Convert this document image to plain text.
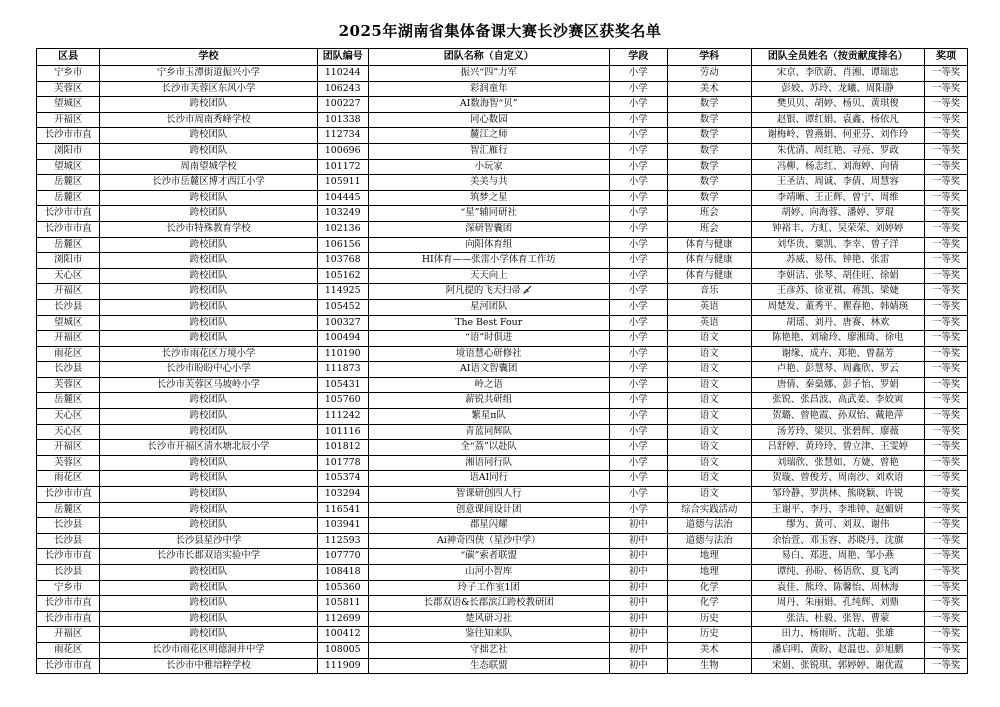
2025年湖南省集体备课大赛长沙赛区获奖名单
区县	学校	团队编号	团队名称（自定义）	学段	学科	团队全员姓名（按贡献度排名）	奖项
宁乡市	宁乡市玉潭街道振兴小学	110244	振兴“四”力军	小学	劳动	宋京、李欣蔚、肖湘、谭瑞忠	一等奖
芙蓉区	长沙市芙蓉区东风小学	106243	彩润童年	小学	美术	彭姣、苏玲、龙曦、周阳静	一等奖
望城区	跨校团队	100227	AI数海智“贝”	小学	数学	樊贝贝、胡婷、杨贝、黄琪俊	一等奖
开福区	长沙市周南秀峰学校	101338	同心数园	小学	数学	赵银、谭红娟、袁鑫、杨依凡	一等奖
长沙市市直	跨校团队	112734	麓江之师	小学	数学	谢梅岭、曾燕娟、何亚芬、刘作玲	一等奖
浏阳市	跨校团队	100696	智汇雁行	小学	数学	朱优清、周红艳、寻亮、罗政	一等奖
望城区	周南望城学校	101172	小玩家	小学	数学	冯柳、杨志红、刘海婷、向倩	一等奖
岳麓区	长沙市岳麓区博才西江小学	105911	美美与共	小学	数学	王圣洁、周诚、李倩、周慧容	一等奖
岳麓区	跨校团队	104445	筑梦之星	小学	数学	李靖晰、王正辉、曾宁、周维	一等奖
长沙市市直	跨校团队	103249	“星”辅同研社	小学	班会	胡婷、向海蓉、潘婷、罗琨	一等奖
长沙市市直	长沙市特殊教育学校	102136	深研智囊团	小学	班会	钟裕丰、方虹、吴荣荣、刘婷婷	一等奖
岳麓区	跨校团队	106156	向阳体育组	小学	体育与健康	刘华贵、粟凯、李幸、曾子洋	一等奖
浏阳市	跨校团队	103768	HI体育——张雷小学体育工作坊	小学	体育与健康	苏威、易伟、钟艳、张雷	一等奖
天心区	跨校团队	105162	天天向上	小学	体育与健康	李妍洁、张琴、胡佳旺、徐娟	一等奖
开福区	跨校团队	114925	阿凡提的飞天扫帚	小学	音乐	王彦苏、徐亚祺、蒋凯、梁婕	一等奖
长沙县	跨校团队	105452	星河团队	小学	英语	周楚发、董秀平、瞿春艳、韩婧瑛	一等奖
望城区	跨校团队	100327	The Best Four	小学	英语	胡瑶、刘丹、唐赛、林欢	一等奖
开福区	跨校团队	100494	“语”时俱进	小学	语文	陈艳艳、刘瑜玲、廖湘琦、徐电	一等奖
雨花区	长沙市雨花区万境小学	110190	境语慧心研修社	小学	语文	谢缘、成卉、郑艳、曾磊芳	一等奖
长沙县	长沙市盼盼中心小学	111873	AI语文智囊团	小学	语文	卢艳、彭慧琴、周鑫欣、罗云	一等奖
芙蓉区	长沙市芙蓉区马坡岭小学	105431	岭之语	小学	语文	唐倩、秦燊娜、彭子怡、罗娟	一等奖
岳麓区	跨校团队	105760	薪锐共研组	小学	语文	张锐、张昌波、高武姜、李姣寅	一等奖
天心区	跨校团队	111242	繁星π队	小学	语文	贺璐、曾艳霞、孙双怡、戴艳萍	一等奖
天心区	跨校团队	101116	青蓝同辉队	小学	语文	汤芳玲、梁贝、张碧辉、廖薇	一等奖
开福区	长沙市开福区清水塘北辰小学	101812	全“荔”以赴队	小学	语文	吕舒婷、黄玲玲、曾立津、王雯婷	一等奖
芙蓉区	跨校团队	101778	湘语同行队	小学	语文	刘瑞欣、张慧如、方婕、曾艳	一等奖
雨花区	跨校团队	105374	语AI同行	小学	语文	贺璇、曾俊芳、周南沙、刘欢语	一等奖
长沙市市直	跨校团队	103294	智课研创四人行	小学	语文	邹玲静、罗洪林、熊晓颖、许锐	一等奖
岳麓区	跨校团队	116541	创意课间设计团	小学	综合实践活动	王谢平、李丹、李堆钟、赵媚妍	一等奖
长沙县	跨校团队	103941	郡星闪耀	初中	道德与法治	缪为、黄可、刘双、谢伟	一等奖
长沙县	长沙县星沙中学	112593	Ai神奇四侠（星沙中学）	初中	道德与法治	余怡萱、邓玉容、苏晓丹、沈旗	一等奖
长沙市市直	长沙市长郡双语实验中学	107770	“碳”索者联盟	初中	地理	易白、郑进、周艳、邹小燕	一等奖
长沙县	跨校团队	108418	山河小智库	初中	地理	谭纯、孙盼、杨语欣、夏飞鸿	一等奖
宁乡市	跨校团队	105360	玲子工作室1团	初中	化学	袁佳、熊玲、陈馨怡、周林海	一等奖
长沙市市直	跨校团队	105811	长郡双语&长郡滨江跨校教研团	初中	化学	周丹、朱丽娟、孔纯辉、刘鼎	一等奖
长沙市市直	跨校团队	112699	楚风研习社	初中	历史	张洁、杜毅、张智、曹蒙	一等奖
开福区	跨校团队	100412	鉴往知来队	初中	历史	田力、杨雨昕、沈超、张雄	一等奖
雨花区	长沙市雨花区明德洞井中学	108005	守拙艺社	初中	美术	潘启明、黄盼、赵温也、彭旭鹏	一等奖
长沙市市直	长沙市中雅培粹学校	111909	生态联盟	初中	生物	宋娟、张锐琪、郭婷婷、谢优霞	一等奖
